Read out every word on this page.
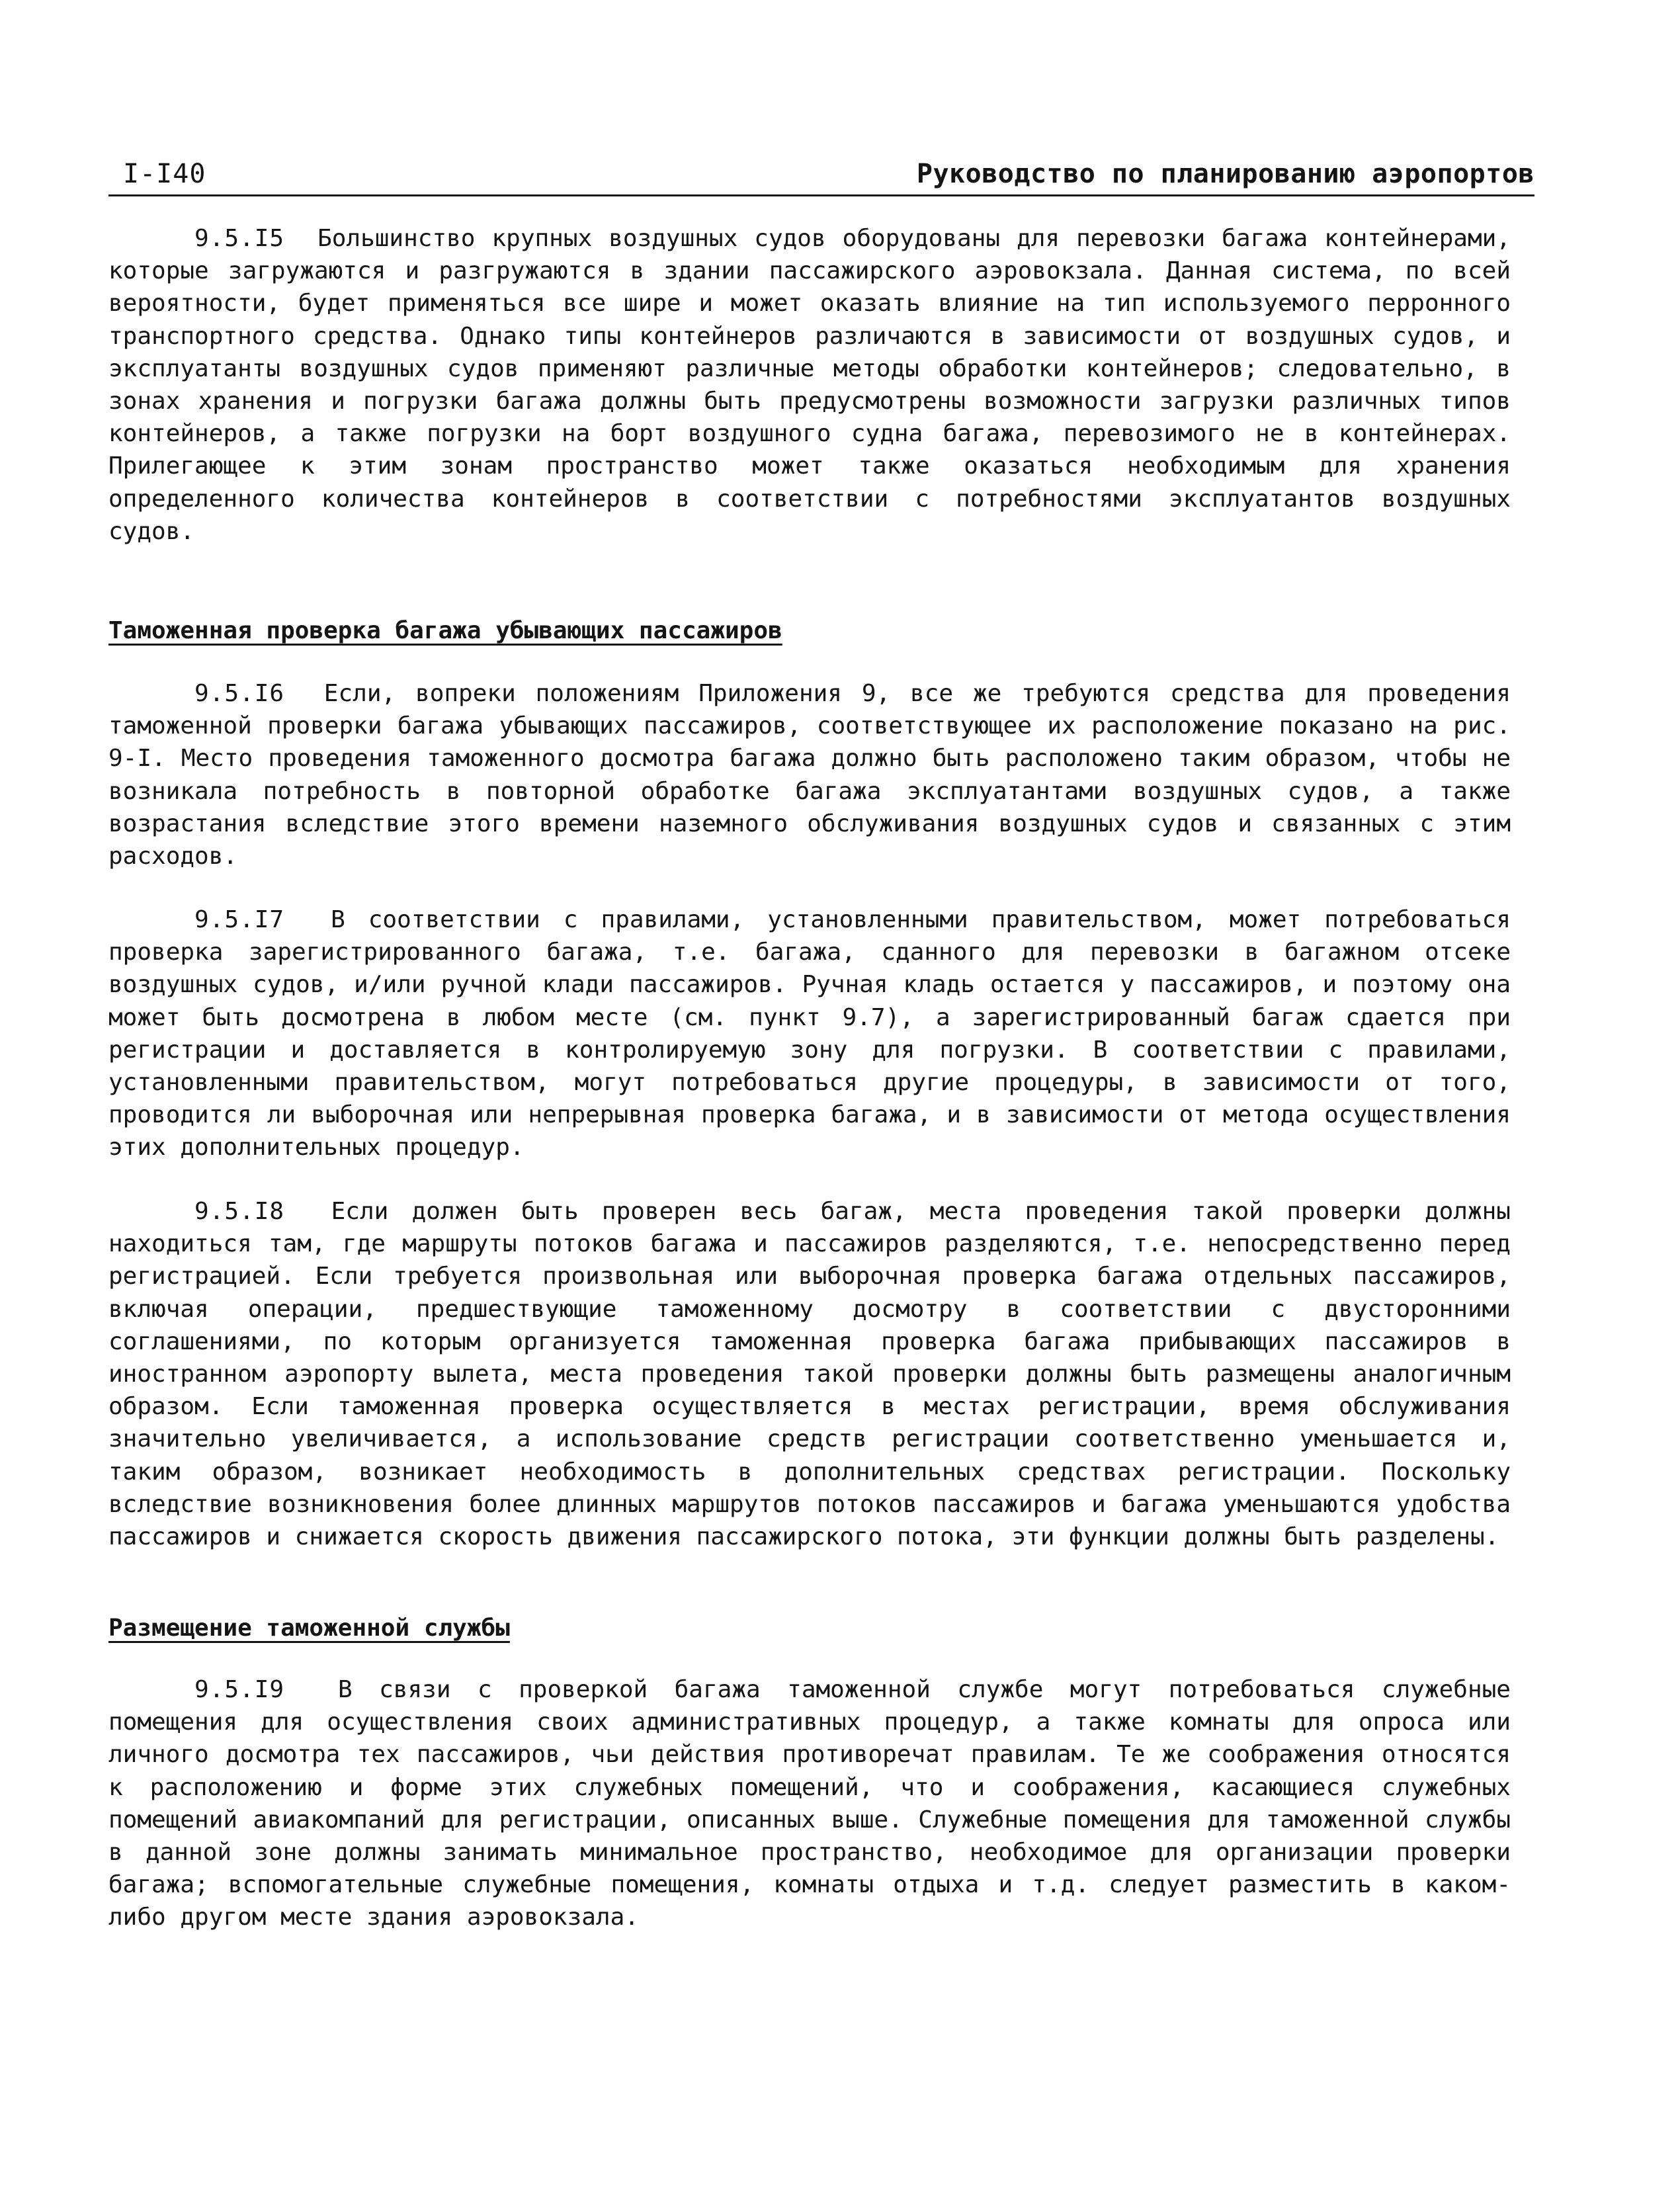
I-I40	Руководство по планированию аэропортов

9.5.I5 Большинство крупных воздушных судов оборудованы для перевозки багажа контейнерами, которые загружаются и разгружаются в здании пассажирского аэровокзала. Данная система, по всей вероятности, будет применяться все шире и может оказать влияние на тип используемого перронного транспортного средства. Однако типы контейнеров различаются в зависимости от воздушных судов, и эксплуатанты воздушных судов применяют различные методы обработки контейнеров; следовательно, в зонах хранения и погрузки багажа должны быть предусмотрены возможности загрузки различных типов контейнеров, а также погрузки на борт воздушного судна багажа, перевозимого не в контейнерах. Прилегающее к этим зонам пространство может также оказаться необходимым для хранения определенного количества контейнеров в соответствии с потребностями эксплуатантов воздушных судов.

Таможенная проверка багажа убывающих пассажиров

9.5.I6 Если, вопреки положениям Приложения 9, все же требуются средства для проведения таможенной проверки багажа убывающих пассажиров, соответствующее их расположение показано на рис. 9-I. Место проведения таможенного досмотра багажа должно быть расположено таким образом, чтобы не возникала потребность в повторной обработке багажа эксплуатантами воздушных судов, а также возрастания вследствие этого времени наземного обслуживания воздушных судов и связанных с этим расходов.

9.5.I7 В соответствии с правилами, установленными правительством, может потребоваться проверка зарегистрированного багажа, т.е. багажа, сданного для перевозки в багажном отсеке воздушных судов, и/или ручной клади пассажиров. Ручная кладь остается у пассажиров, и поэтому она может быть досмотрена в любом месте (см. пункт 9.7), а зарегистрированный багаж сдается при регистрации и доставляется в контролируемую зону для погрузки. В соответствии с правилами, установленными правительством, могут потребоваться другие процедуры, в зависимости от того, проводится ли выборочная или непрерывная проверка багажа, и в зависимости от метода осуществления этих дополнительных процедур.

9.5.I8 Если должен быть проверен весь багаж, места проведения такой проверки должны находиться там, где маршруты потоков багажа и пассажиров разделяются, т.е. непосредственно перед регистрацией. Если требуется произвольная или выборочная проверка багажа отдельных пассажиров, включая операции, предшествующие таможенному досмотру в соответствии с двусторонними соглашениями, по которым организуется таможенная проверка багажа прибывающих пассажиров в иностранном аэропорту вылета, места проведения такой проверки должны быть размещены аналогичным образом. Если таможенная проверка осуществляется в местах регистрации, время обслуживания значительно увеличивается, а использование средств регистрации соответственно уменьшается и, таким образом, возникает необходимость в дополнительных средствах регистрации. Поскольку вследствие возникновения более длинных маршрутов потоков пассажиров и багажа уменьшаются удобства пассажиров и снижается скорость движения пассажирского потока, эти функции должны быть разделены.

Размещение таможенной службы

9.5.I9 В связи с проверкой багажа таможенной службе могут потребоваться служебные помещения для осуществления своих административных процедур, а также комнаты для опроса или личного досмотра тех пассажиров, чьи действия противоречат правилам. Те же соображения относятся к расположению и форме этих служебных помещений, что и соображения, касающиеся служебных помещений авиакомпаний для регистрации, описанных выше. Служебные помещения для таможенной службы в данной зоне должны занимать минимальное пространство, необходимое для организации проверки багажа; вспомогательные служебные помещения, комнаты отдыха и т.д. следует разместить в каком-либо другом месте здания аэровокзала.
